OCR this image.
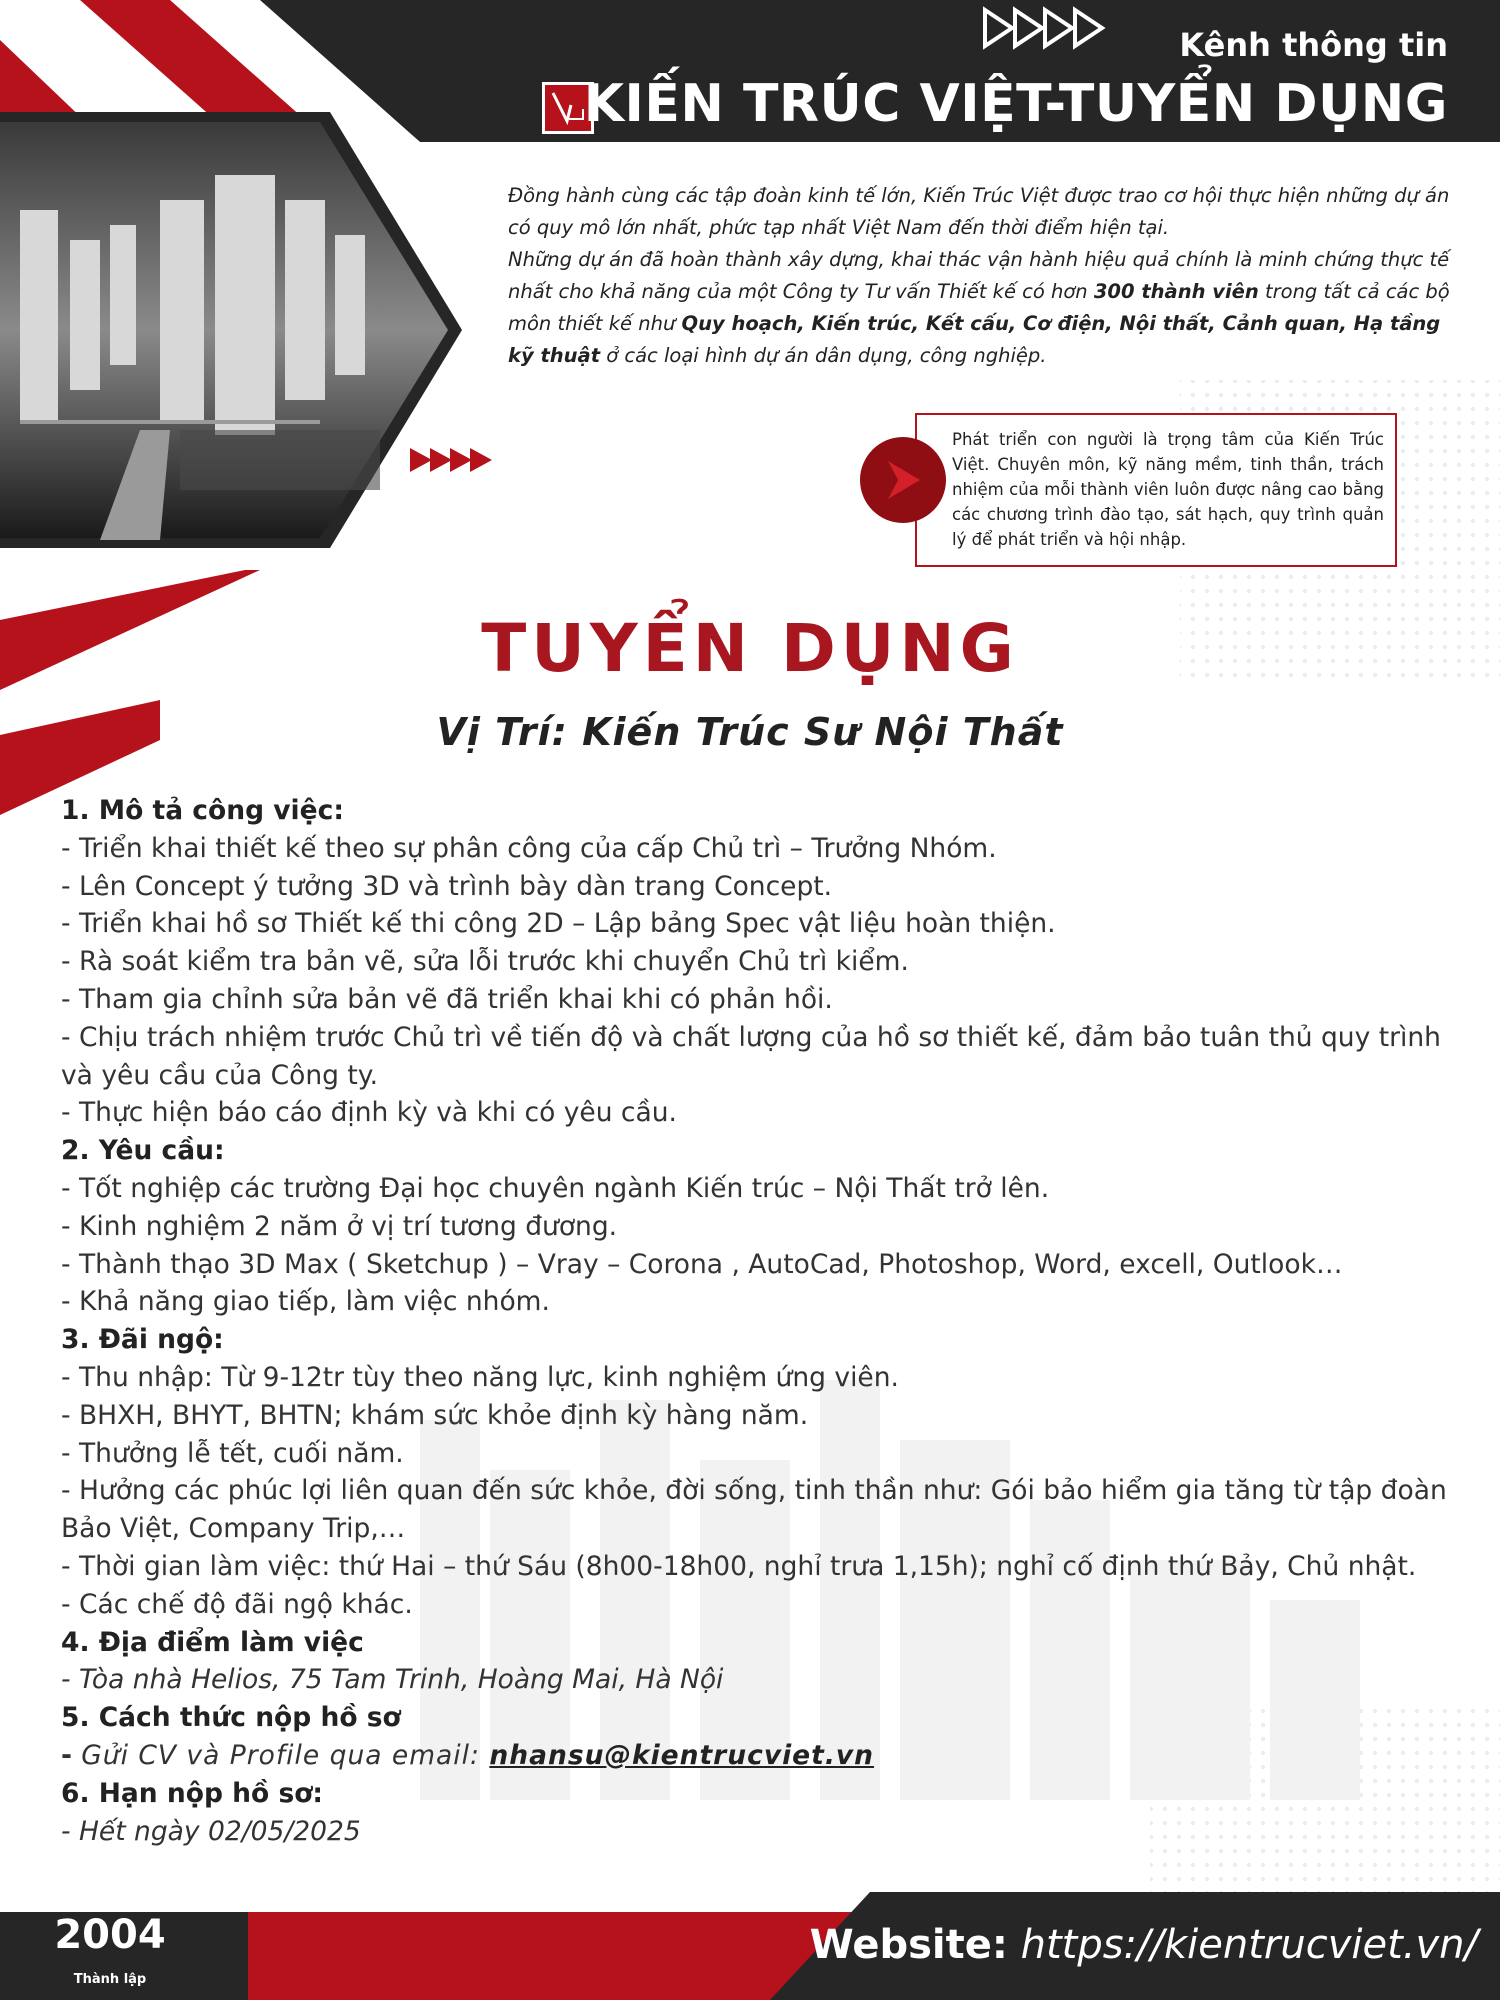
Kênh thông tin
KIẾN TRÚC VIỆT-TUYỂN DỤNG
Đồng hành cùng các tập đoàn kinh tế lớn, Kiến Trúc Việt được trao cơ hội thực hiện những dự án có quy mô lớn nhất, phức tạp nhất Việt Nam đến thời điểm hiện tại.
Những dự án đã hoàn thành xây dựng, khai thác vận hành hiệu quả chính là minh chứng thực tế nhất cho khả năng của một Công ty Tư vấn Thiết kế có hơn 300 thành viên trong tất cả các bộ môn thiết kế như Quy hoạch, Kiến trúc, Kết cấu, Cơ điện, Nội thất, Cảnh quan, Hạ tầng kỹ thuật ở các loại hình dự án dân dụng, công nghiệp.
Phát triển con người là trọng tâm của Kiến Trúc Việt. Chuyên môn, kỹ năng mềm, tinh thần, trách nhiệm của mỗi thành viên luôn được nâng cao bằng các chương trình đào tạo, sát hạch, quy trình quản lý để phát triển và hội nhập.
TUYỂN DỤNG
Vị Trí: Kiến Trúc Sư Nội Thất
1. Mô tả công việc:
- Triển khai thiết kế theo sự phân công của cấp Chủ trì – Trưởng Nhóm.
- Lên Concept ý tưởng 3D và trình bày dàn trang Concept.
- Triển khai hồ sơ Thiết kế thi công 2D – Lập bảng Spec vật liệu hoàn thiện.
- Rà soát kiểm tra bản vẽ, sửa lỗi trước khi chuyển Chủ trì kiểm.
- Tham gia chỉnh sửa bản vẽ đã triển khai khi có phản hồi.
- Chịu trách nhiệm trước Chủ trì về tiến độ và chất lượng của hồ sơ thiết kế, đảm bảo tuân thủ quy trình và yêu cầu của Công ty.
- Thực hiện báo cáo định kỳ và khi có yêu cầu.
2. Yêu cầu:
- Tốt nghiệp các trường Đại học chuyên ngành Kiến trúc – Nội Thất trở lên.
- Kinh nghiệm 2 năm ở vị trí tương đương.
- Thành thạo 3D Max ( Sketchup ) – Vray – Corona , AutoCad, Photoshop, Word, excell, Outlook…
- Khả năng giao tiếp, làm việc nhóm.
3. Đãi ngộ:
- Thu nhập: Từ 9-12tr tùy theo năng lực, kinh nghiệm ứng viên.
- BHXH, BHYT, BHTN; khám sức khỏe định kỳ hàng năm.
- Thưởng lễ tết, cuối năm.
- Hưởng các phúc lợi liên quan đến sức khỏe, đời sống, tinh thần như: Gói bảo hiểm gia tăng từ tập đoàn Bảo Việt, Company Trip,…
- Thời gian làm việc: thứ Hai – thứ Sáu (8h00-18h00, nghỉ trưa 1,15h); nghỉ cố định thứ Bảy, Chủ nhật.
- Các chế độ đãi ngộ khác.
4. Địa điểm làm việc
- Tòa nhà Helios, 75 Tam Trinh, Hoàng Mai, Hà Nội
5. Cách thức nộp hồ sơ
- Gửi CV và Profile qua email: nhansu@kientrucviet.vn
6. Hạn nộp hồ sơ:
- Hết ngày 02/05/2025
2004
Thành lập
Website: https://kientrucviet.vn/
